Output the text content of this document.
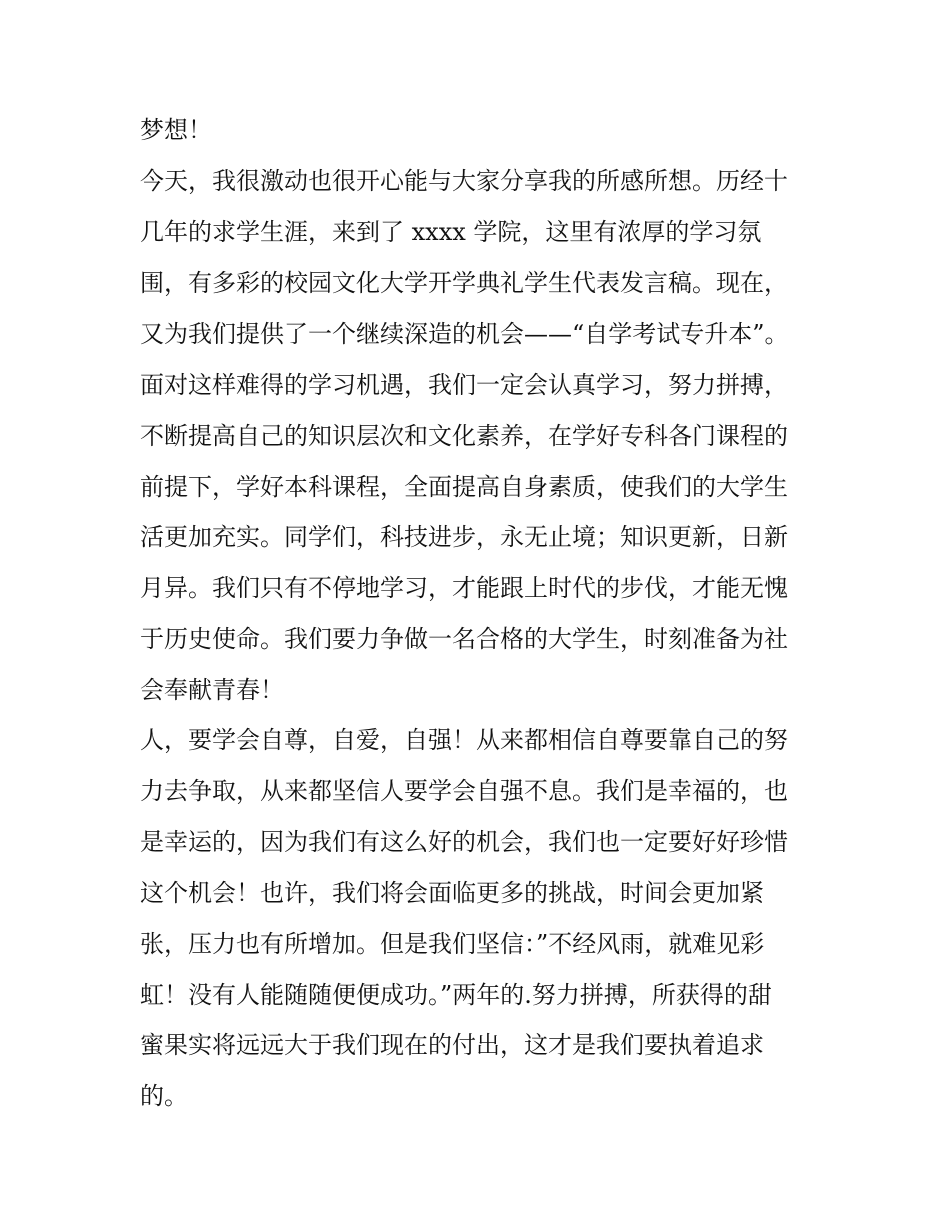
梦想！

今天，我很激动也很开心能与大家分享我的所感所想。历经十

几年的求学生涯，来到了 xxxx 学院，这里有浓厚的学习氛

围，有多彩的校园文化大学开学典礼学生代表发言稿。现在，

又为我们提供了一个继续深造的机会——“自学考试专升本”。

面对这样难得的学习机遇，我们一定会认真学习，努力拼搏，

不断提高自己的知识层次和文化素养，在学好专科各门课程的

前提下，学好本科课程，全面提高自身素质，使我们的大学生

活更加充实。同学们，科技进步，永无止境；知识更新，日新

月异。我们只有不停地学习，才能跟上时代的步伐，才能无愧

于历史使命。我们要力争做一名合格的大学生，时刻准备为社

会奉献青春！

人，要学会自尊，自爱，自强！从来都相信自尊要靠自己的努

力去争取，从来都坚信人要学会自强不息。我们是幸福的，也

是幸运的，因为我们有这么好的机会，我们也一定要好好珍惜

这个机会！也许，我们将会面临更多的挑战，时间会更加紧

张，压力也有所增加。但是我们坚信：”不经风雨，就难见彩

虹！没有人能随随便便成功。”两年的.努力拼搏，所获得的甜

蜜果实将远远大于我们现在的付出，这才是我们要执着追求

的。
